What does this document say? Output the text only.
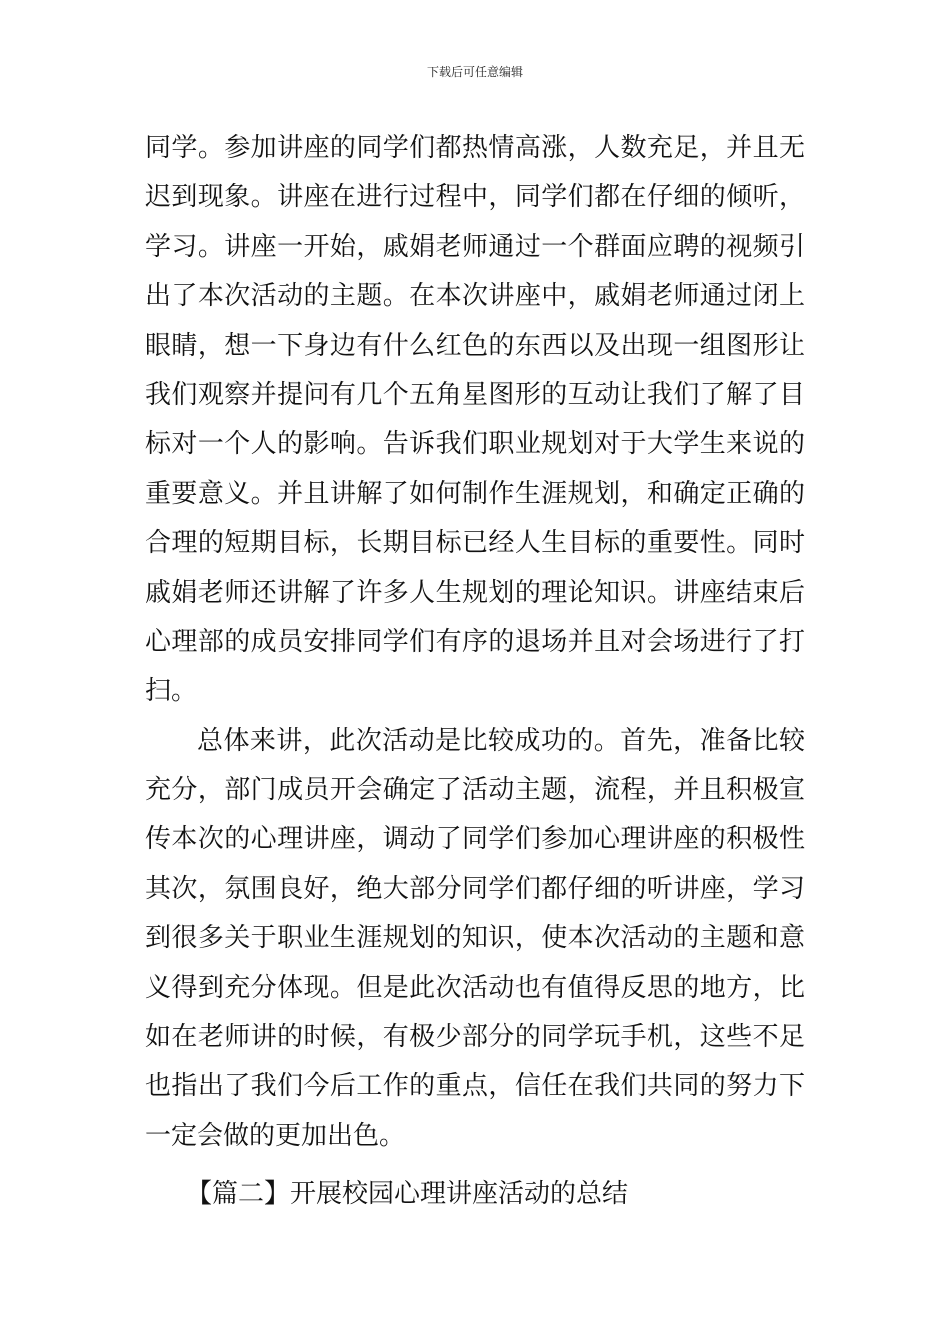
下载后可任意编辑
同学。参加讲座的同学们都热情高涨，人数充足，并且无
迟到现象。讲座在进行过程中，同学们都在仔细的倾听，
学习。讲座一开始，戚娟老师通过一个群面应聘的视频引
出了本次活动的主题。在本次讲座中，戚娟老师通过闭上
眼睛，想一下身边有什么红色的东西以及出现一组图形让
我们观察并提问有几个五角星图形的互动让我们了解了目
标对一个人的影响。告诉我们职业规划对于大学生来说的
重要意义。并且讲解了如何制作生涯规划，和确定正确的
合理的短期目标，长期目标已经人生目标的重要性。同时
戚娟老师还讲解了许多人生规划的理论知识。讲座结束后
心理部的成员安排同学们有序的退场并且对会场进行了打
扫。
总体来讲，此次活动是比较成功的。首先，准备比较
充分，部门成员开会确定了活动主题，流程，并且积极宣
传本次的心理讲座，调动了同学们参加心理讲座的积极性
其次，氛围良好，绝大部分同学们都仔细的听讲座，学习
到很多关于职业生涯规划的知识，使本次活动的主题和意
义得到充分体现。但是此次活动也有值得反思的地方，比
如在老师讲的时候，有极少部分的同学玩手机，这些不足
也指出了我们今后工作的重点，信任在我们共同的努力下
一定会做的更加出色。
【篇二】开展校园心理讲座活动的总结
